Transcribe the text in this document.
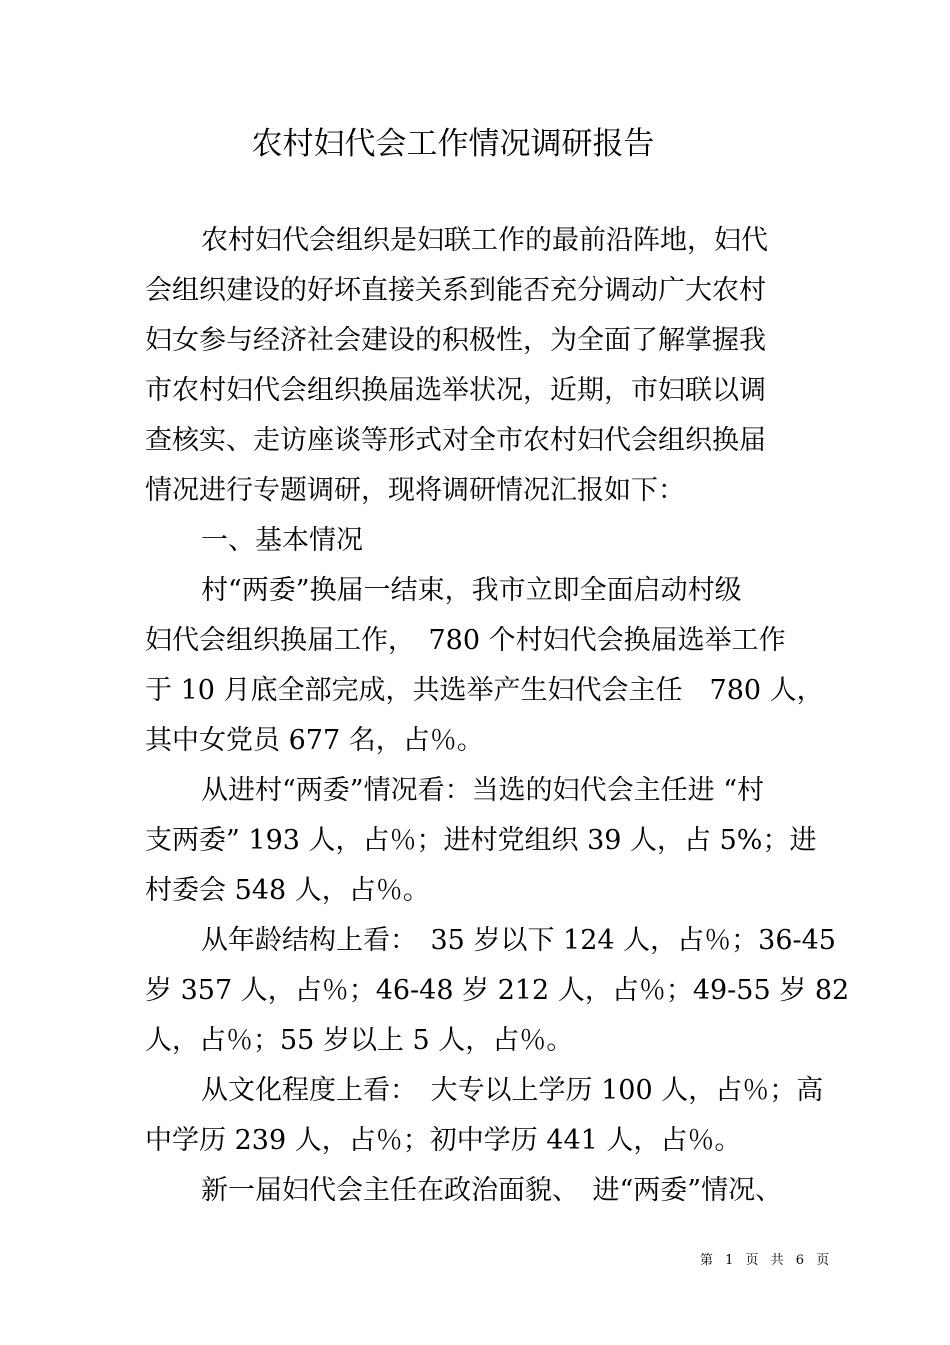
农村妇代会工作情况调研报告

农村妇代会组织是妇联工作的最前沿阵地，妇代

会组织建设的好坏直接关系到能否充分调动广大农村

妇女参与经济社会建设的积极性，为全面了解掌握我

市农村妇代会组织换届选举状况，近期，市妇联以调

查核实、走访座谈等形式对全市农村妇代会组织换届

情况进行专题调研，现将调研情况汇报如下：

一、基本情况

村“两委”换届一结束，我市立即全面启动村级

妇代会组织换届工作，　780 个村妇代会换届选举工作

于 10 月底全部完成，共选举产生妇代会主任　780 人，

其中女党员 677 名，占％。

从进村“两委”情况看：当选的妇代会主任进 “村

支两委” 193 人，占％；进村党组织 39 人，占 5%；进

村委会 548 人，占％。

从年龄结构上看：　35 岁以下 124 人，占％；36-45

岁 357 人，占％；46-48 岁 212 人，占％；49-55 岁 82

人，占％；55 岁以上 5 人，占％。

从文化程度上看：　大专以上学历 100 人，占％；高

中学历 239 人，占％；初中学历 441 人，占％。

新一届妇代会主任在政治面貌、　进“两委”情况、

第 1 页 共 6 页
